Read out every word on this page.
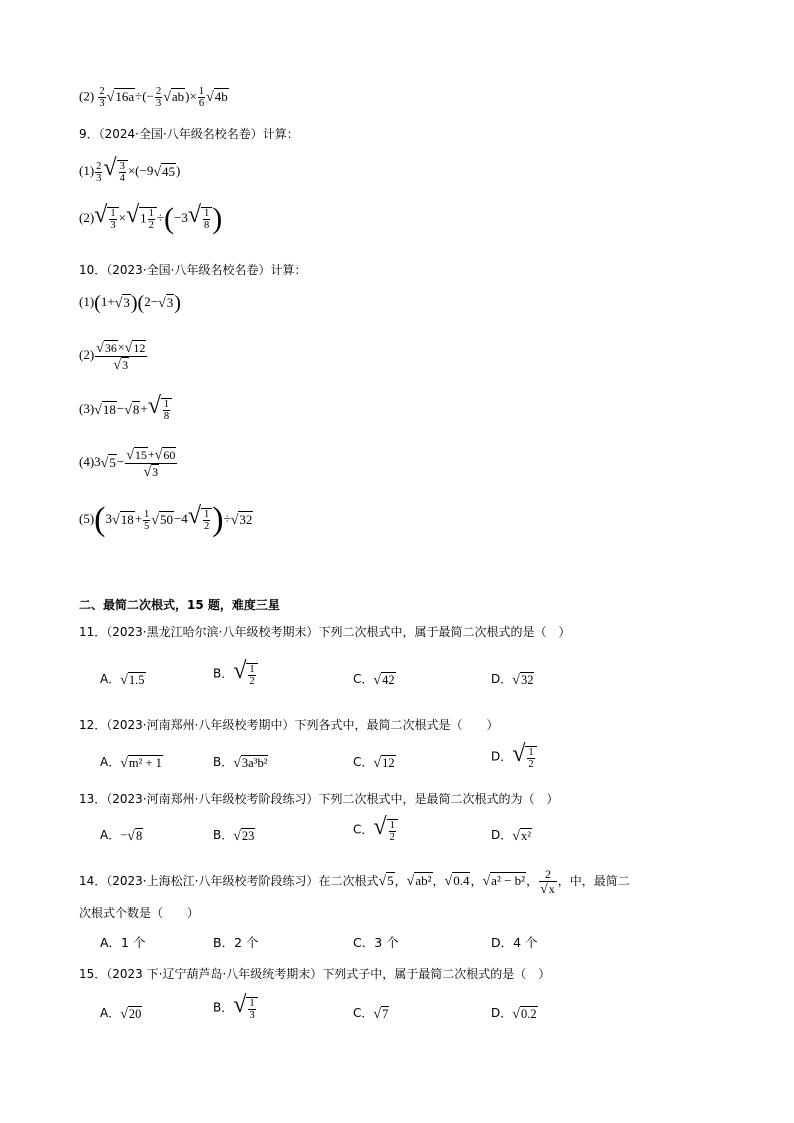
$(2) \frac{2}{3} √16a\div(- \frac{2}{3} √ab)\times \frac{1}{6} √4b$
9．（2024·全国·八年级名校名卷）计算：
$(1) \frac{2}{3}$ √ $\frac{3}{4} \times(-9√45)$
$(2)√ \frac{1}{3} \times√1 \frac{1}{2} \div(-3√ \frac{1}{8}$ )
10．（2023·全国·八年级名校名卷）计算：
(1)(1+√3)(2−√3)
$(2) \frac{√36\times√12}{√3}$
$(3)√18-√8+√ \frac{1}{8}$
$(4)3√5- \frac{√15+√60}{√3}$
$(5)(3√18+ \frac{1}{5} √50-4√ \frac{1}{2} )\div√32$
二、最简二次根式，15 题，难度三星
11．（2023·黑龙江哈尔滨·八年级校考期末）下列二次根式中，属于最简二次根式的是（　）
A．√1.5	B．√ $\frac{1}{2}$	C．√42	D．√32
12．（2023·河南郑州·八年级校考期中）下列各式中，最简二次根式是（　　）
A．√m² + 1	B．√3a³b²	C．√12	D．√ $\frac{1}{2}$
13．（2023·河南郑州·八年级校考阶段练习）下列二次根式中，是最简二次根式的为（　）
A．−√8	B．√23	C．√ $\frac{1}{2}$	D．√x²
14．（2023·上海松江·八年级校考阶段练习）在二次根式√5，√ab²，√0.4，√a² − b²， $\frac{2}{√x}$ ，中，最简二
次根式个数是（　　）
A．1 个	B．2 个	C．3 个	D．4 个
15．（2023 下·辽宁葫芦岛·八年级统考期末）下列式子中，属于最简二次根式的是（　）
A．√20	B．√ $\frac{1}{3}$	C．√7	D．√0.2
